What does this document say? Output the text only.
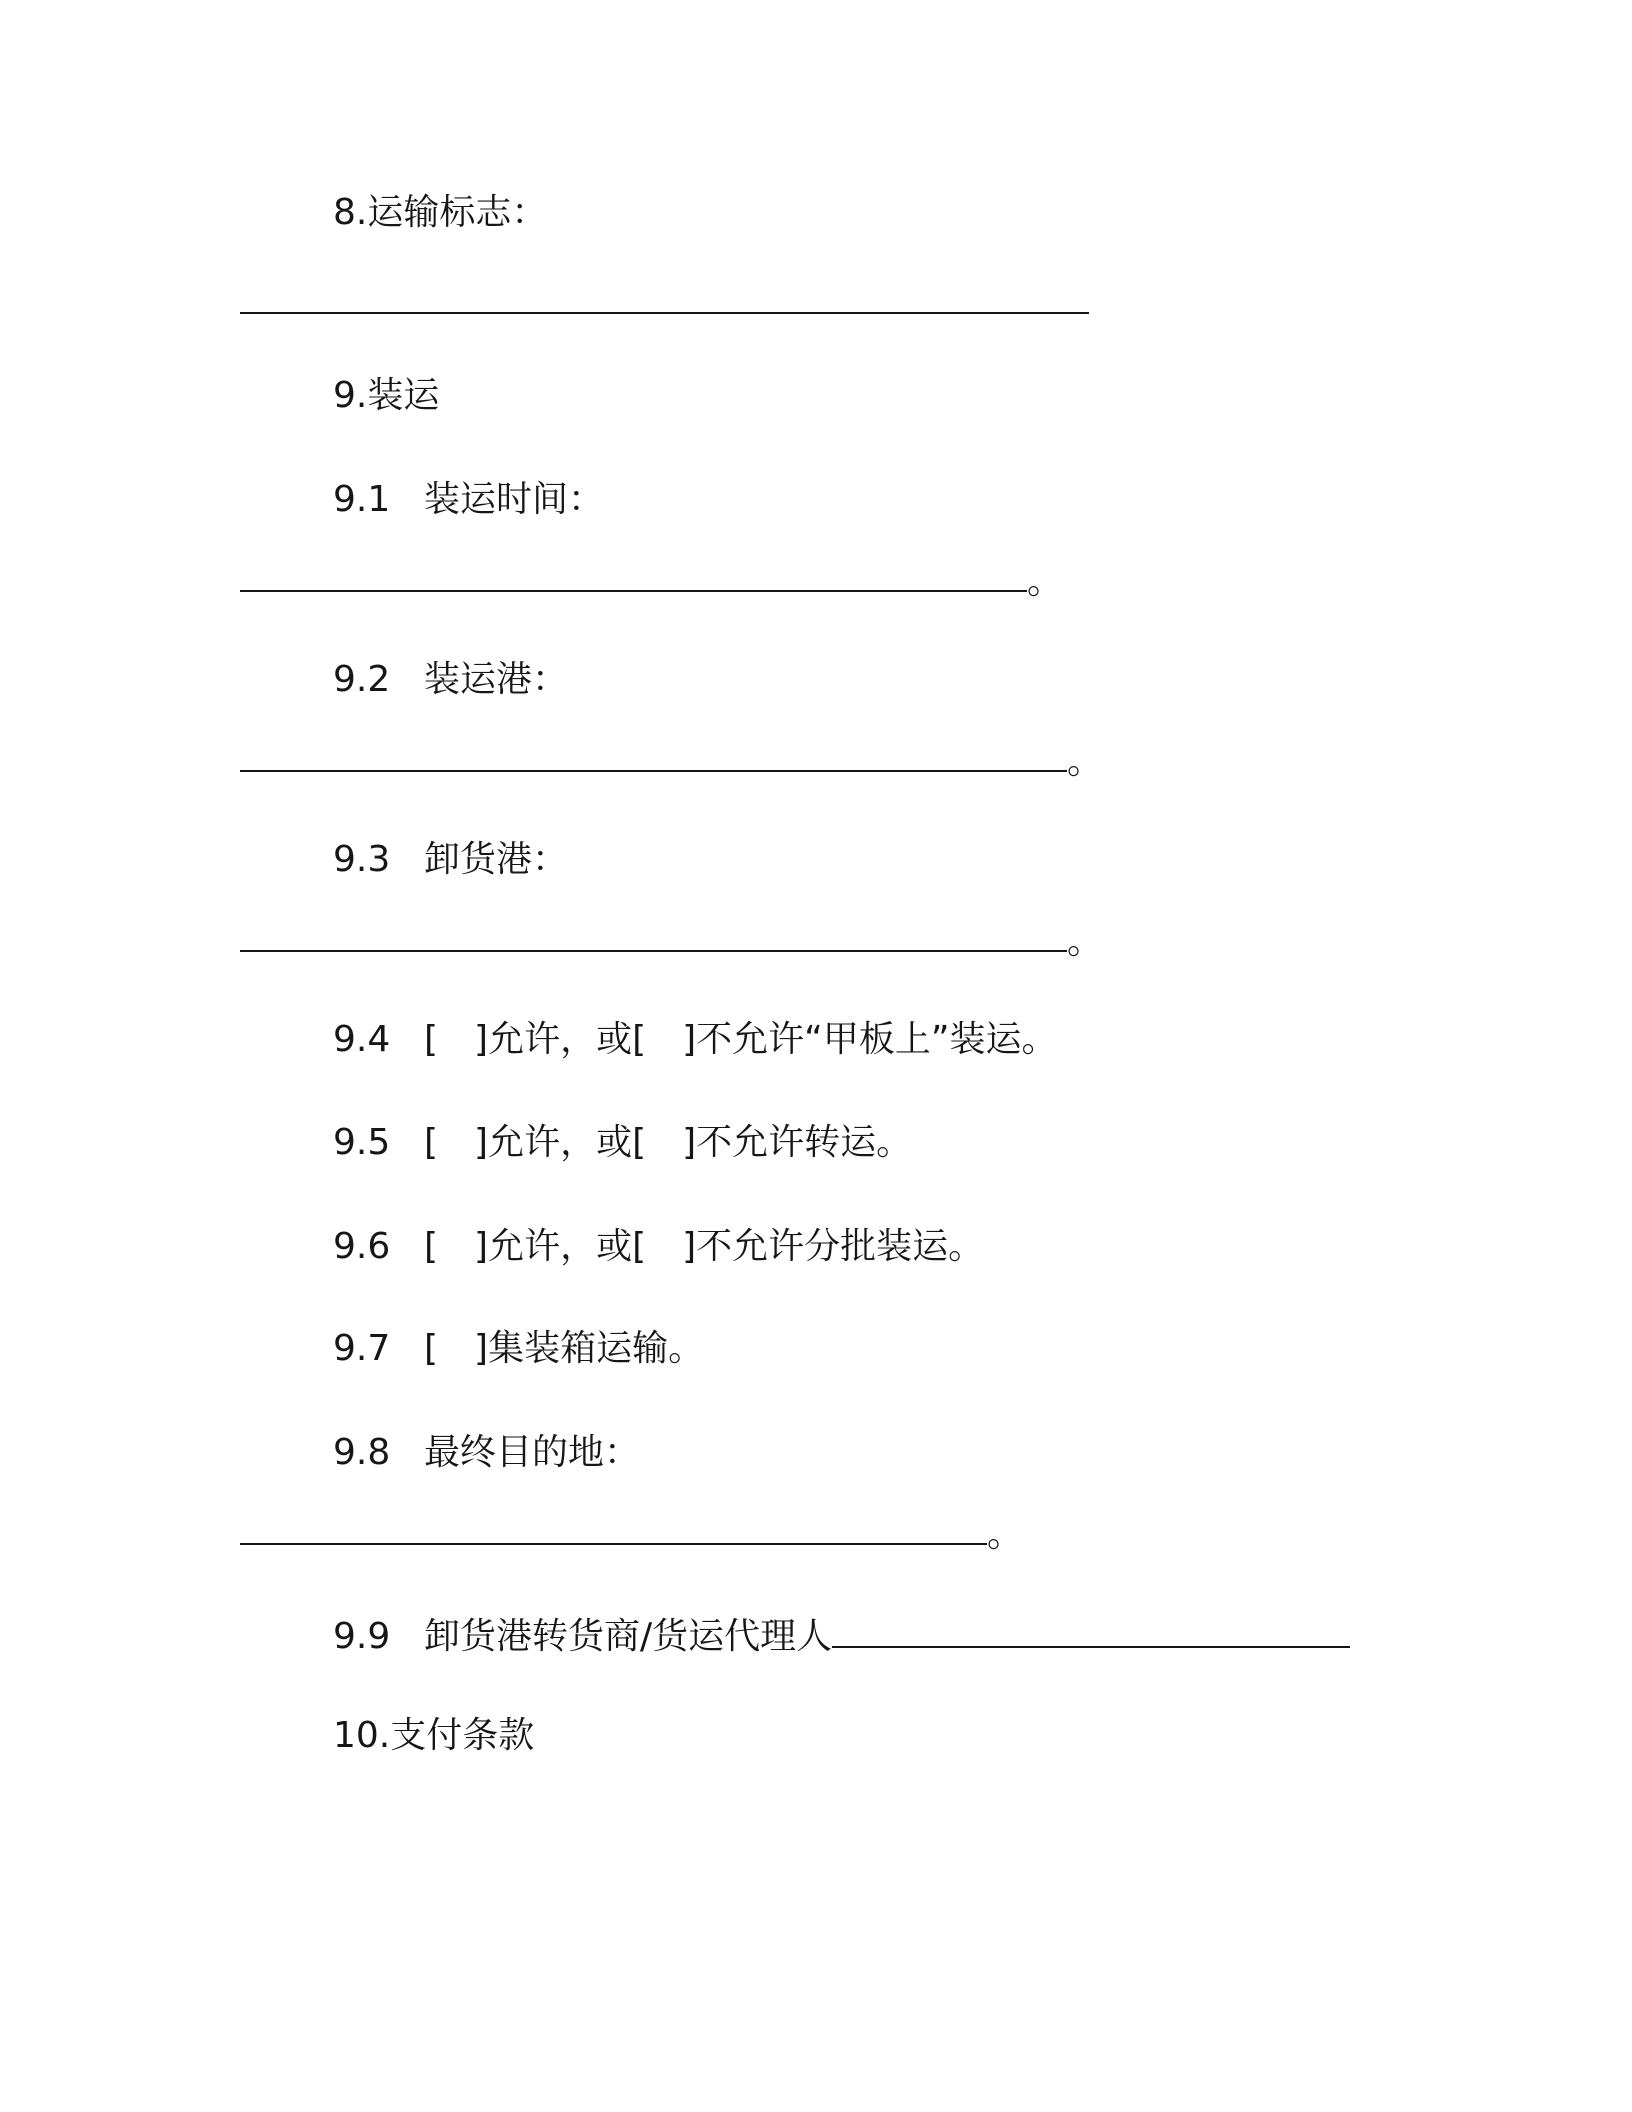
8.运输标志：
9.装运
9.1 装运时间：
。
9.2 装运港：
。
9.3 卸货港：
。
9.4 [　]允许，或[　]不允许“甲板上”装运。
9.5 [　]允许，或[　]不允许转运。
9.6 [　]允许，或[　]不允许分批装运。
9.7 [　]集装箱运输。
9.8 最终目的地：
。
9.9 卸货港转货商/货运代理人
10.支付条款
